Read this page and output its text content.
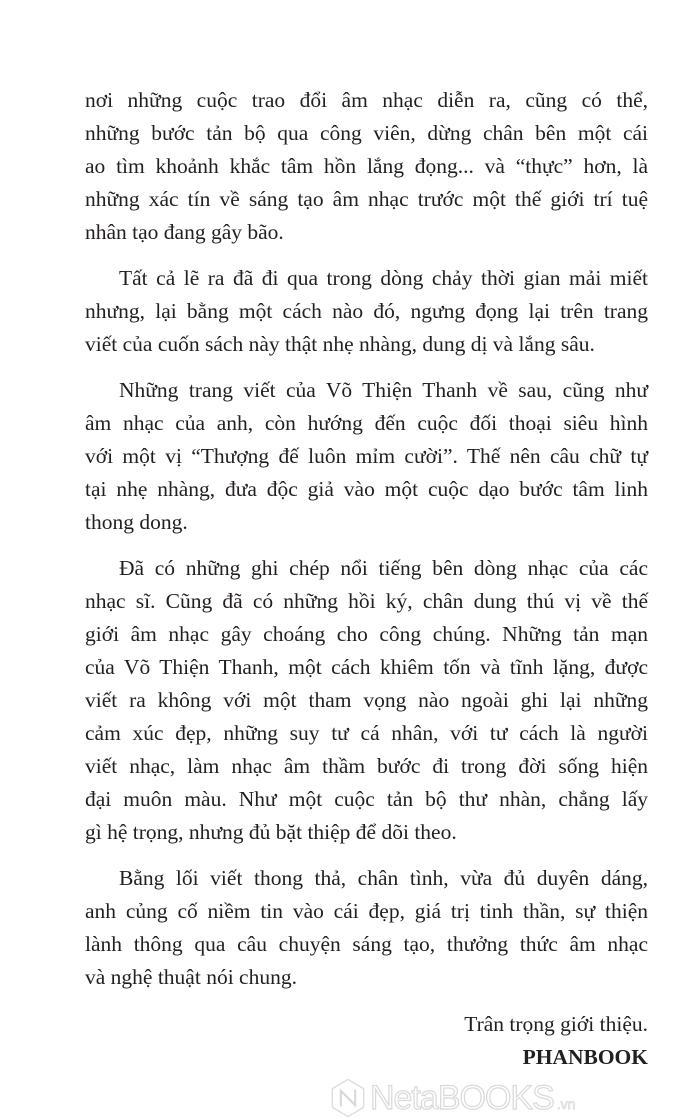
nơi những cuộc trao đổi âm nhạc diễn ra, cũng có thể,
những bước tản bộ qua công viên, dừng chân bên một cái
ao tìm khoảnh khắc tâm hồn lắng đọng... và “thực” hơn, là
những xác tín về sáng tạo âm nhạc trước một thế giới trí tuệ
nhân tạo đang gây bão.
Tất cả lẽ ra đã đi qua trong dòng chảy thời gian mải miết
nhưng, lại bằng một cách nào đó, ngưng đọng lại trên trang
viết của cuốn sách này thật nhẹ nhàng, dung dị và lắng sâu.
Những trang viết của Võ Thiện Thanh về sau, cũng như
âm nhạc của anh, còn hướng đến cuộc đối thoại siêu hình
với một vị “Thượng đế luôn mỉm cười”. Thế nên câu chữ tự
tại nhẹ nhàng, đưa độc giả vào một cuộc dạo bước tâm linh
thong dong.
Đã có những ghi chép nổi tiếng bên dòng nhạc của các
nhạc sĩ. Cũng đã có những hồi ký, chân dung thú vị về thế
giới âm nhạc gây choáng cho công chúng. Những tản mạn
của Võ Thiện Thanh, một cách khiêm tốn và tĩnh lặng, được
viết ra không với một tham vọng nào ngoài ghi lại những
cảm xúc đẹp, những suy tư cá nhân, với tư cách là người
viết nhạc, làm nhạc âm thầm bước đi trong đời sống hiện
đại muôn màu. Như một cuộc tản bộ thư nhàn, chẳng lấy
gì hệ trọng, nhưng đủ bặt thiệp để dõi theo.
Bằng lối viết thong thả, chân tình, vừa đủ duyên dáng,
anh củng cố niềm tin vào cái đẹp, giá trị tinh thần, sự thiện
lành thông qua câu chuyện sáng tạo, thưởng thức âm nhạc
và nghệ thuật nói chung.
Trân trọng giới thiệu.
PHANBOOK
NetaBOOKS .vn
